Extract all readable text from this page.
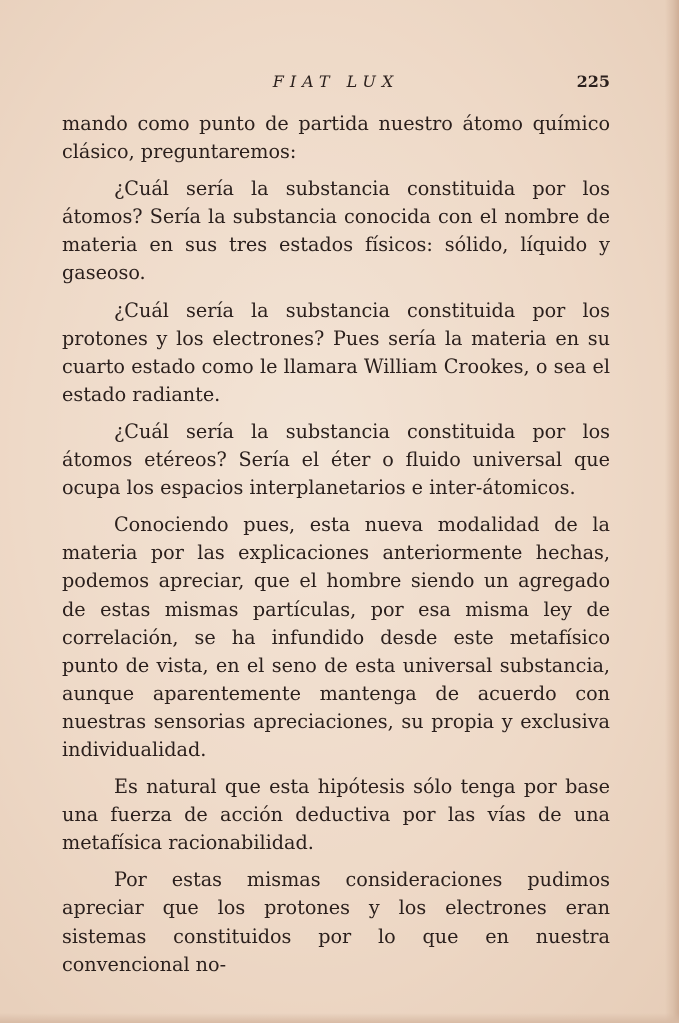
FIAT LUX	225

mando como punto de partida nuestro átomo químico clásico, preguntaremos:

¿Cuál sería la substancia constituida por los átomos? Sería la substancia conocida con el nombre de materia en sus tres estados físicos: sólido, líquido y gaseoso.

¿Cuál sería la substancia constituida por los protones y los electrones? Pues sería la materia en su cuarto estado como le llamara William Crookes, o sea el estado radiante.

¿Cuál sería la substancia constituida por los átomos etéreos? Sería el éter o fluido universal que ocupa los espacios interplanetarios e inter-átomicos.

Conociendo pues, esta nueva modalidad de la materia por las explicaciones anteriormente hechas, podemos apreciar, que el hombre siendo un agregado de estas mismas partículas, por esa misma ley de correlación, se ha infundido desde este metafísico punto de vista, en el seno de esta universal substancia, aunque aparentemente mantenga de acuerdo con nuestras sensorias apreciaciones, su propia y exclusiva individualidad.

Es natural que esta hipótesis sólo tenga por base una fuerza de acción deductiva por las vías de una metafísica racionabilidad.

Por estas mismas consideraciones pudimos apreciar que los protones y los electrones eran sistemas constituidos por lo que en nuestra convencional no-
